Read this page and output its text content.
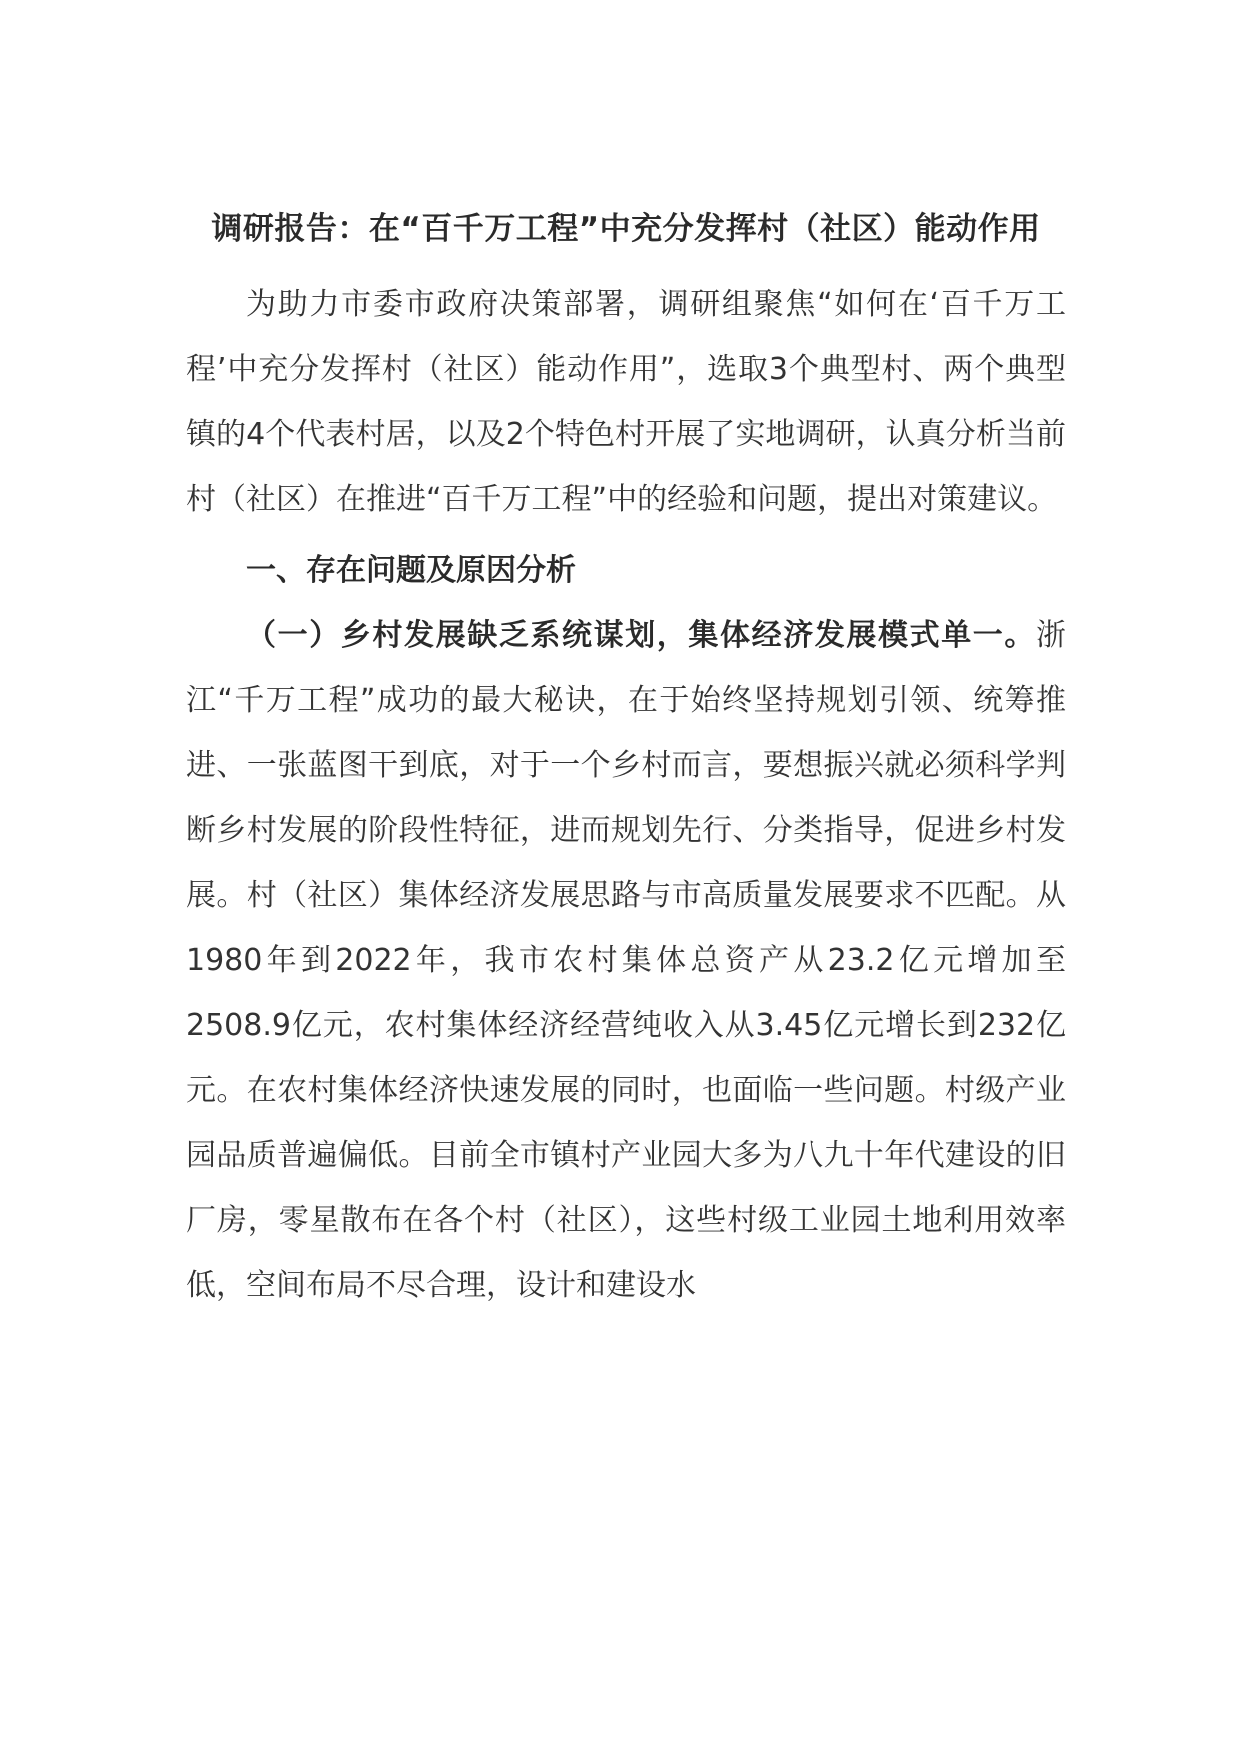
调研报告：在“百千万工程”中充分发挥村（社区）能动作用

为助力市委市政府决策部署，调研组聚焦“如何在‘百千万工程’中充分发挥村（社区）能动作用”，选取3个典型村、两个典型镇的4个代表村居，以及2个特色村开展了实地调研，认真分析当前村（社区）在推进“百千万工程”中的经验和问题，提出对策建议。

一、存在问题及原因分析

（一）乡村发展缺乏系统谋划，集体经济发展模式单一。浙江“千万工程”成功的最大秘诀，在于始终坚持规划引领、统筹推进、一张蓝图干到底，对于一个乡村而言，要想振兴就必须科学判断乡村发展的阶段性特征，进而规划先行、分类指导，促进乡村发展。村（社区）集体经济发展思路与市高质量发展要求不匹配。从1980年到2022年，我市农村集体总资产从23.2亿元增加至2508.9亿元，农村集体经济经营纯收入从3.45亿元增长到232亿元。在农村集体经济快速发展的同时，也面临一些问题。村级产业园品质普遍偏低。目前全市镇村产业园大多为八九十年代建设的旧厂房，零星散布在各个村（社区），这些村级工业园土地利用效率低，空间布局不尽合理，设计和建设水
